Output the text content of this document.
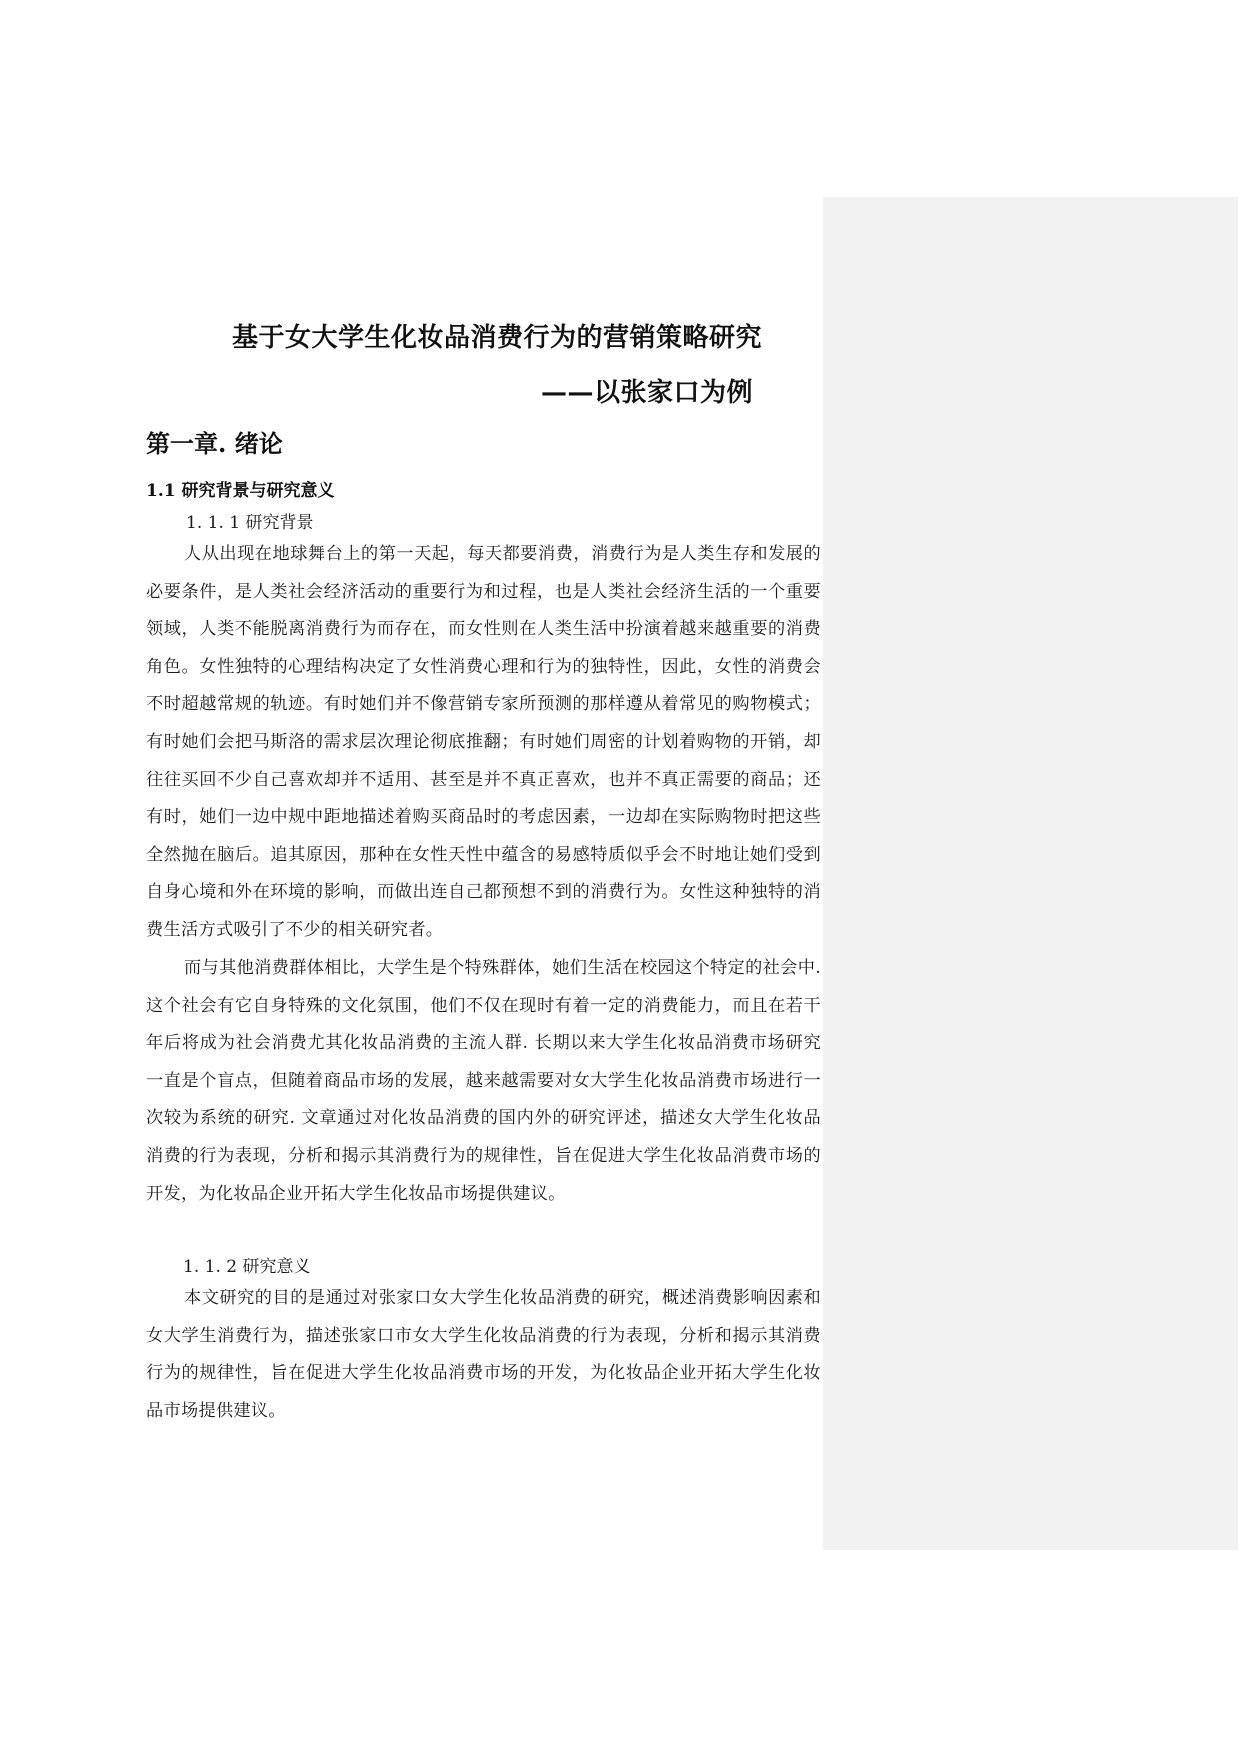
基于女大学生化妆品消费行为的营销策略研究
——以张家口为例
第一章. 绪论
1.1 研究背景与研究意义
1. 1. 1 研究背景

人从出现在地球舞台上的第一天起，每天都要消费，消费行为是人类生存和发展的必要条件，是人类社会经济活动的重要行为和过程，也是人类社会经济生活的一个重要领域，人类不能脱离消费行为而存在，而女性则在人类生活中扮演着越来越重要的消费角色。女性独特的心理结构决定了女性消费心理和行为的独特性，因此，女性的消费会不时超越常规的轨迹。有时她们并不像营销专家所预测的那样遵从着常见的购物模式；有时她们会把马斯洛的需求层次理论彻底推翻；有时她们周密的计划着购物的开销，却往往买回不少自己喜欢却并不适用、甚至是并不真正喜欢，也并不真正需要的商品；还有时，她们一边中规中距地描述着购买商品时的考虑因素，一边却在实际购物时把这些全然抛在脑后。追其原因，那种在女性天性中蕴含的易感特质似乎会不时地让她们受到自身心境和外在环境的影响，而做出连自己都预想不到的消费行为。女性这种独特的消费生活方式吸引了不少的相关研究者。

而与其他消费群体相比，大学生是个特殊群体，她们生活在校园这个特定的社会中. 这个社会有它自身特殊的文化氛围，他们不仅在现时有着一定的消费能力，而且在若干年后将成为社会消费尤其化妆品消费的主流人群. 长期以来大学生化妆品消费市场研究一直是个盲点，但随着商品市场的发展，越来越需要对女大学生化妆品消费市场进行一次较为系统的研究. 文章通过对化妆品消费的国内外的研究评述，描述女大学生化妆品消费的行为表现，分析和揭示其消费行为的规律性，旨在促进大学生化妆品消费市场的开发，为化妆品企业开拓大学生化妆品市场提供建议。

1. 1. 2 研究意义

本文研究的目的是通过对张家口女大学生化妆品消费的研究，概述消费影响因素和女大学生消费行为，描述张家口市女大学生化妆品消费的行为表现，分析和揭示其消费行为的规律性，旨在促进大学生化妆品消费市场的开发，为化妆品企业开拓大学生化妆品市场提供建议。
